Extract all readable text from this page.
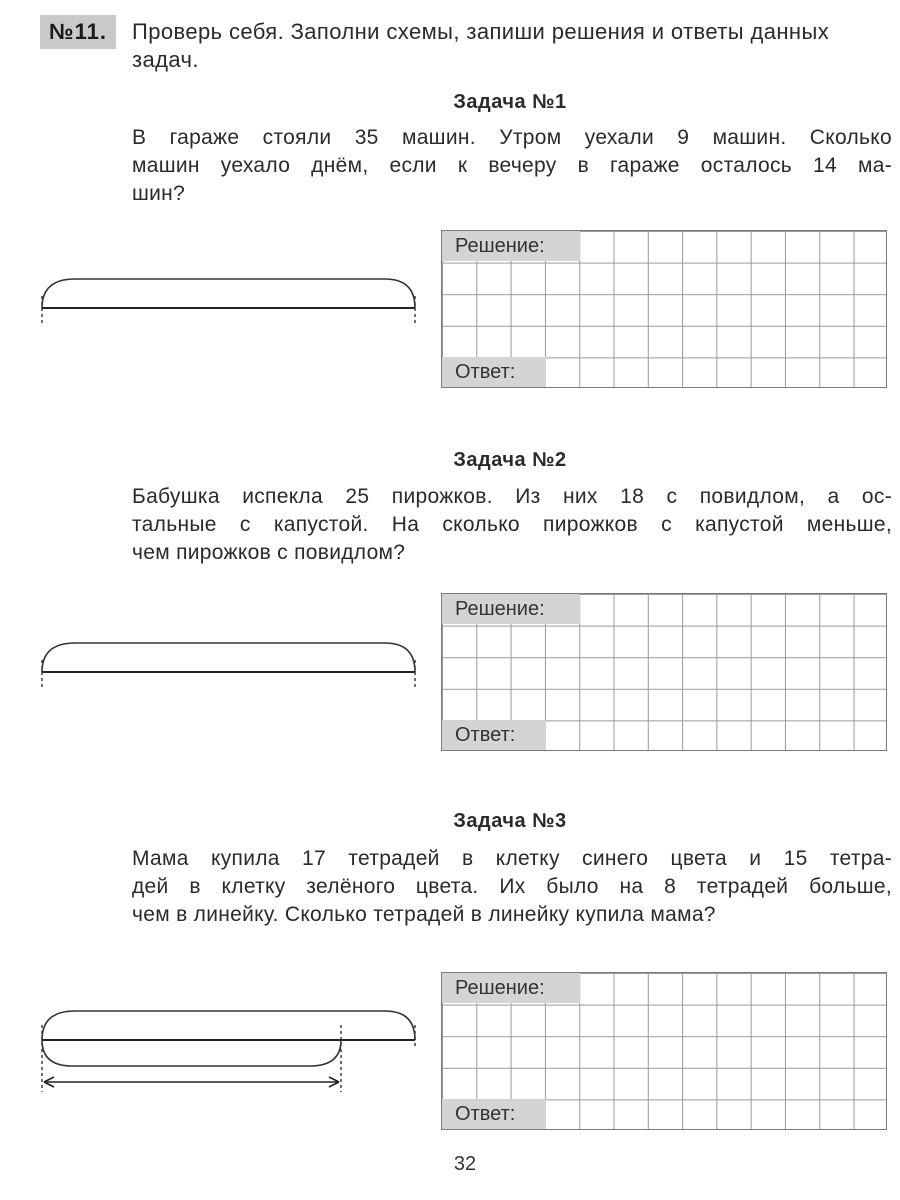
№11.	Проверь себя. Заполни схемы, запиши решения и ответы данных задач.
Задача №1
В гараже стояли 35 машин. Утром уехали 9 машин. Сколько
машин уехало днём, если к вечеру в гараже осталось 14 ма-
шин?
Решение:
Ответ:
Задача №2
Бабушка испекла 25 пирожков. Из них 18 с повидлом, а ос-
тальные с капустой. На сколько пирожков с капустой меньше,
чем пирожков с повидлом?
Решение:
Ответ:
Задача №3
Мама купила 17 тетрадей в клетку синего цвета и 15 тетра-
дей в клетку зелёного цвета. Их было на 8 тетрадей больше,
чем в линейку. Сколько тетрадей в линейку купила мама?
Решение:
Ответ:
32
